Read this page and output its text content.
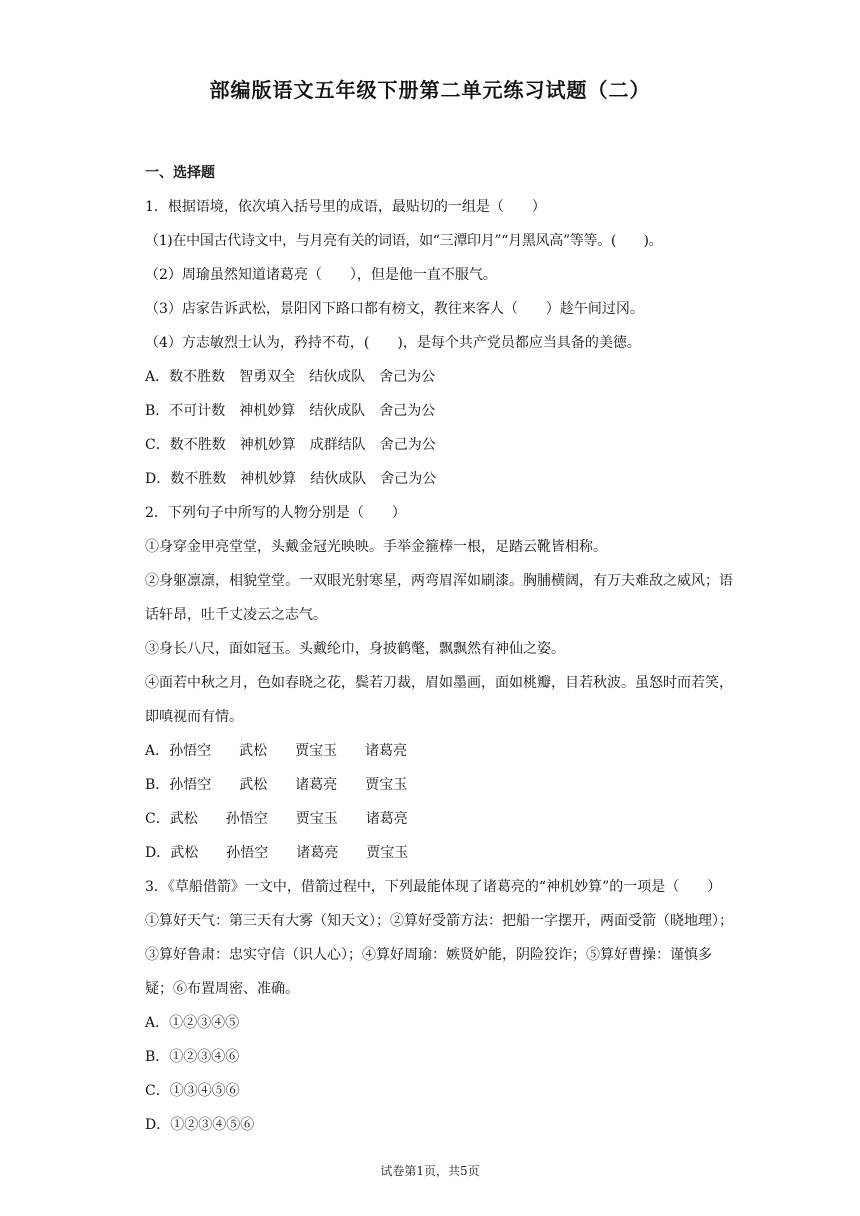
部编版语文五年级下册第二单元练习试题（二）
一、选择题
1．根据语境，依次填入括号里的成语，最贴切的一组是（　　）
（1)在中国古代诗文中，与月亮有关的词语，如“三潭印月”“月黑风高”等等。(　　)。
（2）周瑜虽然知道诸葛亮（　　），但是他一直不服气。
（3）店家告诉武松，景阳冈下路口都有榜文，教往来客人（　　）趁午间过冈。
（4）方志敏烈士认为，矜持不苟，(　　)，是每个共产党员都应当具备的美德。
A．数不胜数　智勇双全　结伙成队　舍己为公
B．不可计数　神机妙算　结伙成队　舍己为公
C．数不胜数　神机妙算　成群结队　舍己为公
D．数不胜数　神机妙算　结伙成队　舍己为公
2．下列句子中所写的人物分别是（　　）
①身穿金甲亮堂堂，头戴金冠光映映。手举金箍棒一根，足踏云靴皆相称。
②身躯凛凛，相貌堂堂。一双眼光射寒星，两弯眉浑如刷漆。胸脯横阔，有万夫难敌之威风；语话轩昂，吐千丈凌云之志气。
③身长八尺，面如冠玉。头戴纶巾，身披鹤氅，飘飘然有神仙之姿。
④面若中秋之月，色如春晓之花，鬓若刀裁，眉如墨画，面如桃瓣，目若秋波。虽怒时而若笑，即嗔视而有情。
A．孙悟空　　武松　　贾宝玉　　诸葛亮
B．孙悟空　　武松　　诸葛亮　　贾宝玉
C．武松　　孙悟空　　贾宝玉　　诸葛亮
D．武松　　孙悟空　　诸葛亮　　贾宝玉
3．《草船借箭》一文中，借箭过程中，下列最能体现了诸葛亮的“神机妙算”的一项是（　　）
①算好天气：第三天有大雾（知天文）；②算好受箭方法：把船一字摆开，两面受箭（晓地理）；③算好鲁肃：忠实守信（识人心）；④算好周瑜：嫉贤妒能，阴险狡诈；⑤算好曹操：谨慎多疑；⑥布置周密、准确。
A．①②③④⑤
B．①②③④⑥
C．①③④⑤⑥
D．①②③④⑤⑥
试卷第1页，共5页
